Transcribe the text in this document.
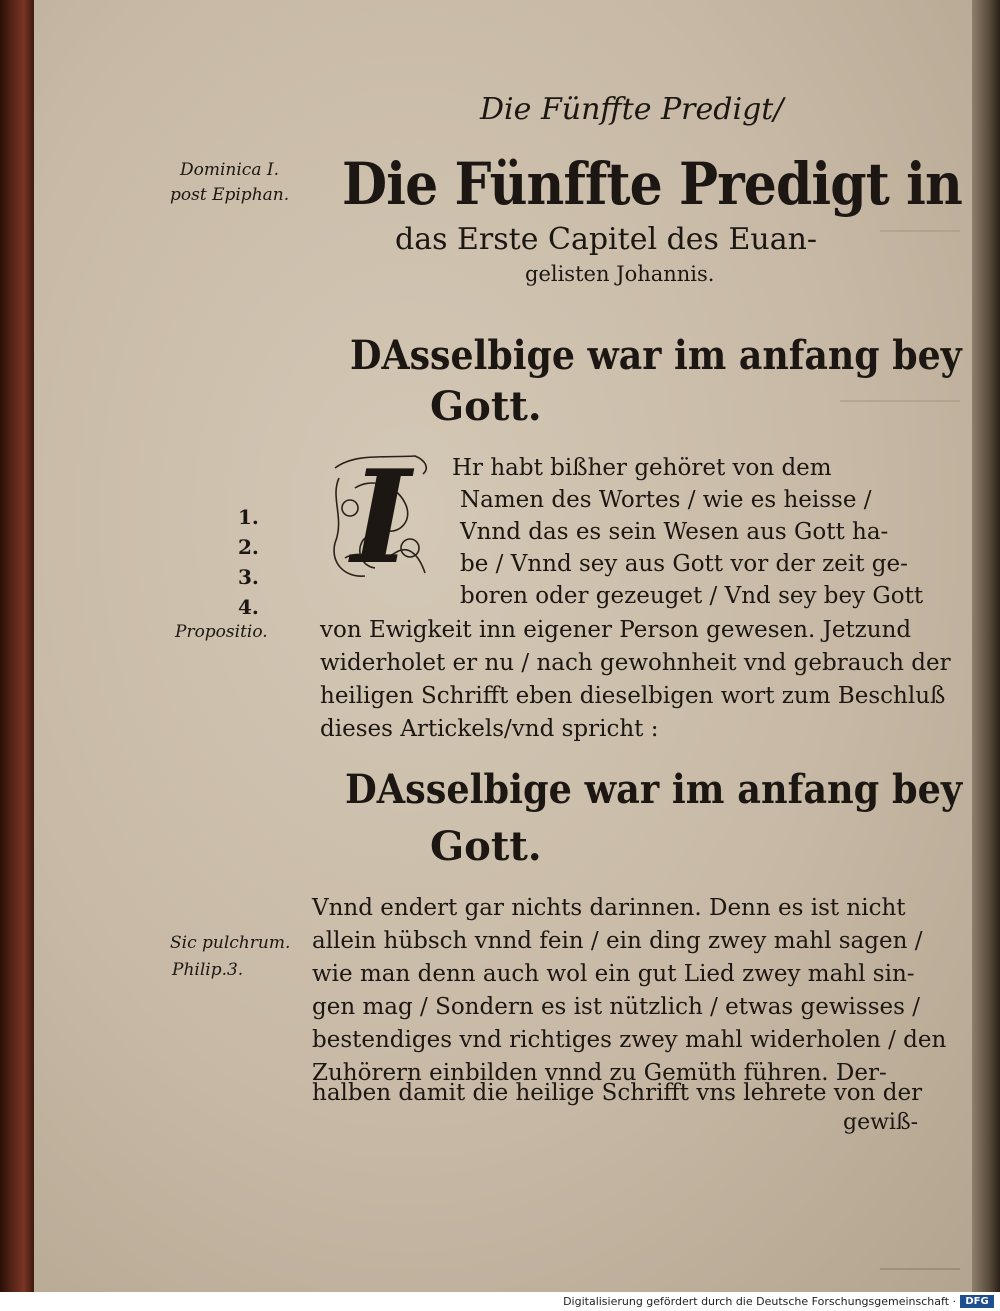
Die Fünffte Predigt/
Dominica I.
post Epiphan.
1.
2.
3.
4.
Propositio.
Sic pulchrum.
Philip.3.
Die Fünffte Predigt in
das Erste Capitel des Euan-
gelisten Johannis.
DAsselbige war im anfang bey
Gott.
I	Hr habt bißher gehöret von dem
Namen des Wortes / wie es heisse /
Vnnd das es sein Wesen aus Gott ha-
be / Vnnd sey aus Gott vor der zeit ge-
boren oder gezeuget / Vnd sey bey Gott
von Ewigkeit inn eigener Person gewesen. Jetzund
widerholet er nu / nach gewohnheit vnd gebrauch der
heiligen Schrifft eben dieselbigen wort zum Beschluß
dieses Artickels/vnd spricht :
DAsselbige war im anfang bey
Gott.
Vnnd endert gar nichts darinnen. Denn es ist nicht
allein hübsch vnnd fein / ein ding zwey mahl sagen /
wie man denn auch wol ein gut Lied zwey mahl sin-
gen mag / Sondern es ist nützlich / etwas gewisses /
bestendiges vnd richtiges zwey mahl widerholen / den
Zuhörern einbilden vnnd zu Gemüth führen. Der-
halben damit die heilige Schrifft vns lehrete von der
gewiß-
Digitalisierung gefördert durch die Deutsche Forschungsgemeinschaft · DFG
